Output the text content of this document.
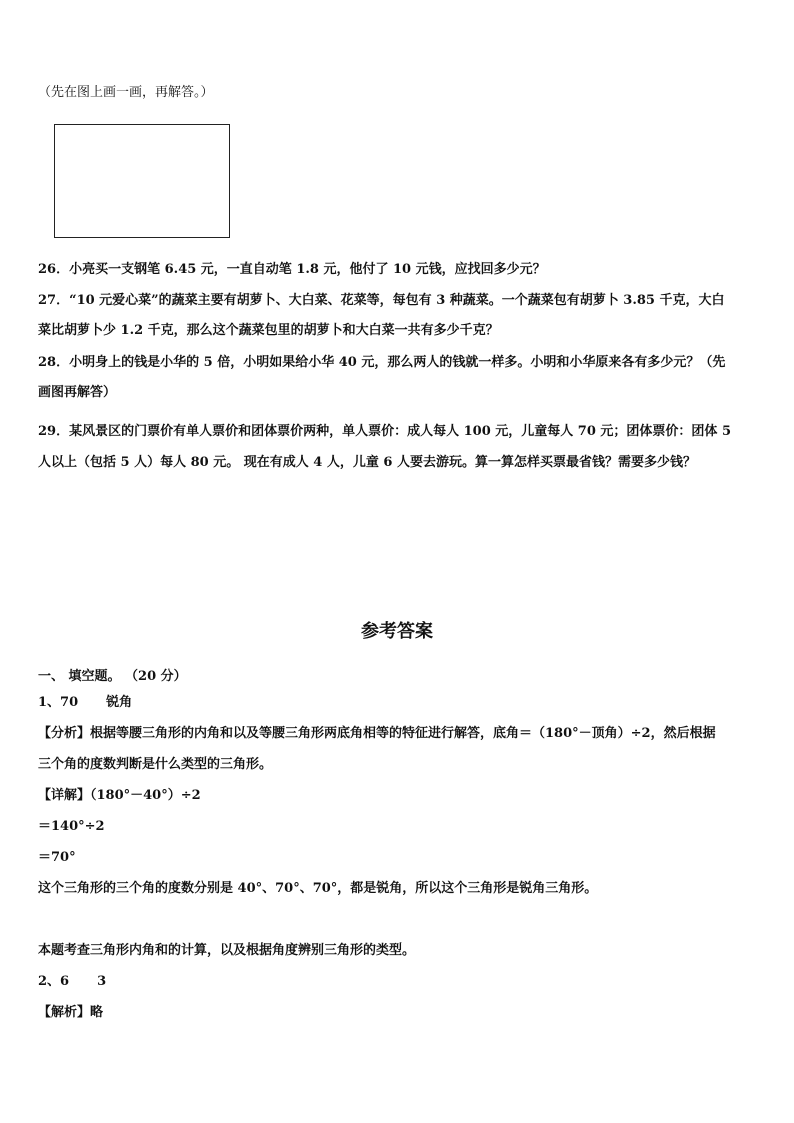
（先在图上画一画，再解答。）
26．小亮买一支钢笔 6.45 元，一直自动笔 1.8 元，他付了 10 元钱，应找回多少元？
27．“10 元爱心菜”的蔬菜主要有胡萝卜、大白菜、花菜等，每包有 3 种蔬菜。一个蔬菜包有胡萝卜 3.85 千克，大白
菜比胡萝卜少 1.2 千克，那么这个蔬菜包里的胡萝卜和大白菜一共有多少千克？
28．小明身上的钱是小华的 5 倍，小明如果给小华 40 元，那么两人的钱就一样多。小明和小华原来各有多少元？（先
画图再解答）
29．某风景区的门票价有单人票价和团体票价两种，单人票价：成人每人 100 元，儿童每人 70 元；团体票价：团体 5
人以上（包括 5 人）每人 80 元。 现在有成人 4 人，儿童 6 人要去游玩。算一算怎样买票最省钱？需要多少钱？
参考答案
一、 填空题。 （20 分）
1、70 锐角
【分析】根据等腰三角形的内角和以及等腰三角形两底角相等的特征进行解答，底角＝（180°－顶角）÷2，然后根据
三个角的度数判断是什么类型的三角形。
【详解】（180°－40°）÷2
＝140°÷2
＝70°
这个三角形的三个角的度数分别是 40°、70°、70°，都是锐角，所以这个三角形是锐角三角形。
本题考查三角形内角和的计算，以及根据角度辨别三角形的类型。
2、6 3
【解析】略
